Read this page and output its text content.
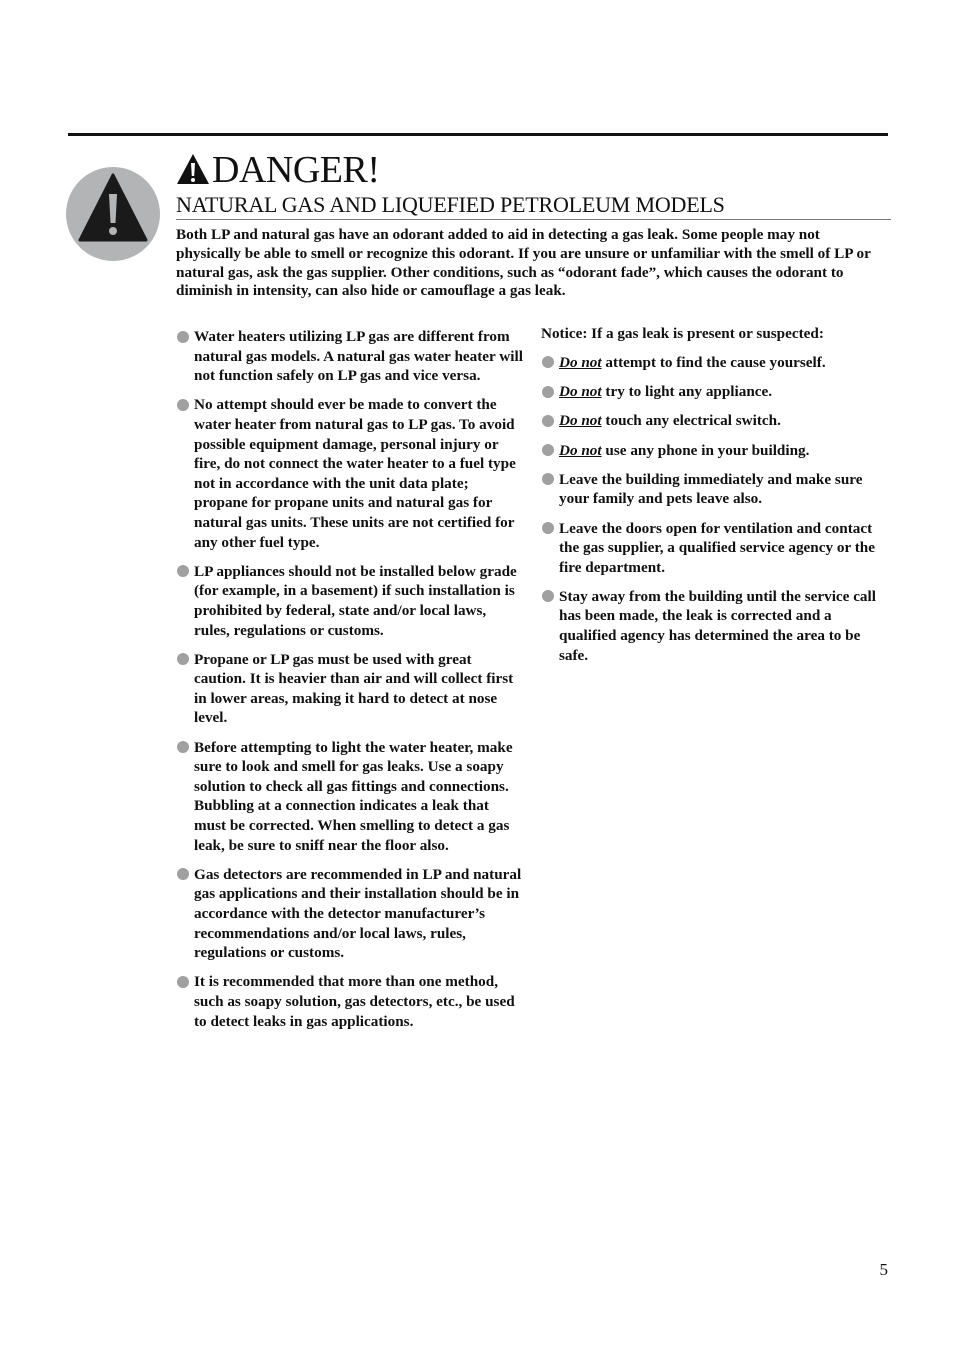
DANGER!
NATURAL GAS AND LIQUEFIED PETROLEUM MODELS

Both LP and natural gas have an odorant added to aid in detecting a gas leak. Some people may not physically be able to smell or recognize this odorant. If you are unsure or unfamiliar with the smell of LP or natural gas, ask the gas supplier. Other conditions, such as “odorant fade”, which causes the odorant to diminish in intensity, can also hide or camouflage a gas leak.

Water heaters utilizing LP gas are different from natural gas models. A natural gas water heater will not function safely on LP gas and vice versa.
No attempt should ever be made to convert the water heater from natural gas to LP gas. To avoid possible equipment damage, personal injury or fire, do not connect the water heater to a fuel type not in accordance with the unit data plate; propane for propane units and natural gas for natural gas units. These units are not certified for any other fuel type.
LP appliances should not be installed below grade (for example, in a basement) if such installation is prohibited by federal, state and/or local laws, rules, regulations or customs.
Propane or LP gas must be used with great caution. It is heavier than air and will collect first in lower areas, making it hard to detect at nose level.
Before attempting to light the water heater, make sure to look and smell for gas leaks. Use a soapy solution to check all gas fittings and connections. Bubbling at a connection indicates a leak that must be corrected. When smelling to detect a gas leak, be sure to sniff near the floor also.
Gas detectors are recommended in LP and natural gas applications and their installation should be in accordance with the detector manufacturer’s recommendations and/or local laws, rules, regulations or customs.
It is recommended that more than one method, such as soapy solution, gas detectors, etc., be used to detect leaks in gas applications.

Notice: If a gas leak is present or suspected:

Do not attempt to find the cause yourself.
Do not try to light any appliance.
Do not touch any electrical switch.
Do not use any phone in your building.
Leave the building immediately and make sure your family and pets leave also.
Leave the doors open for ventilation and contact the gas supplier, a qualified service agency or the fire department.
Stay away from the building until the service call has been made, the leak is corrected and a qualified agency has determined the area to be safe.
5
